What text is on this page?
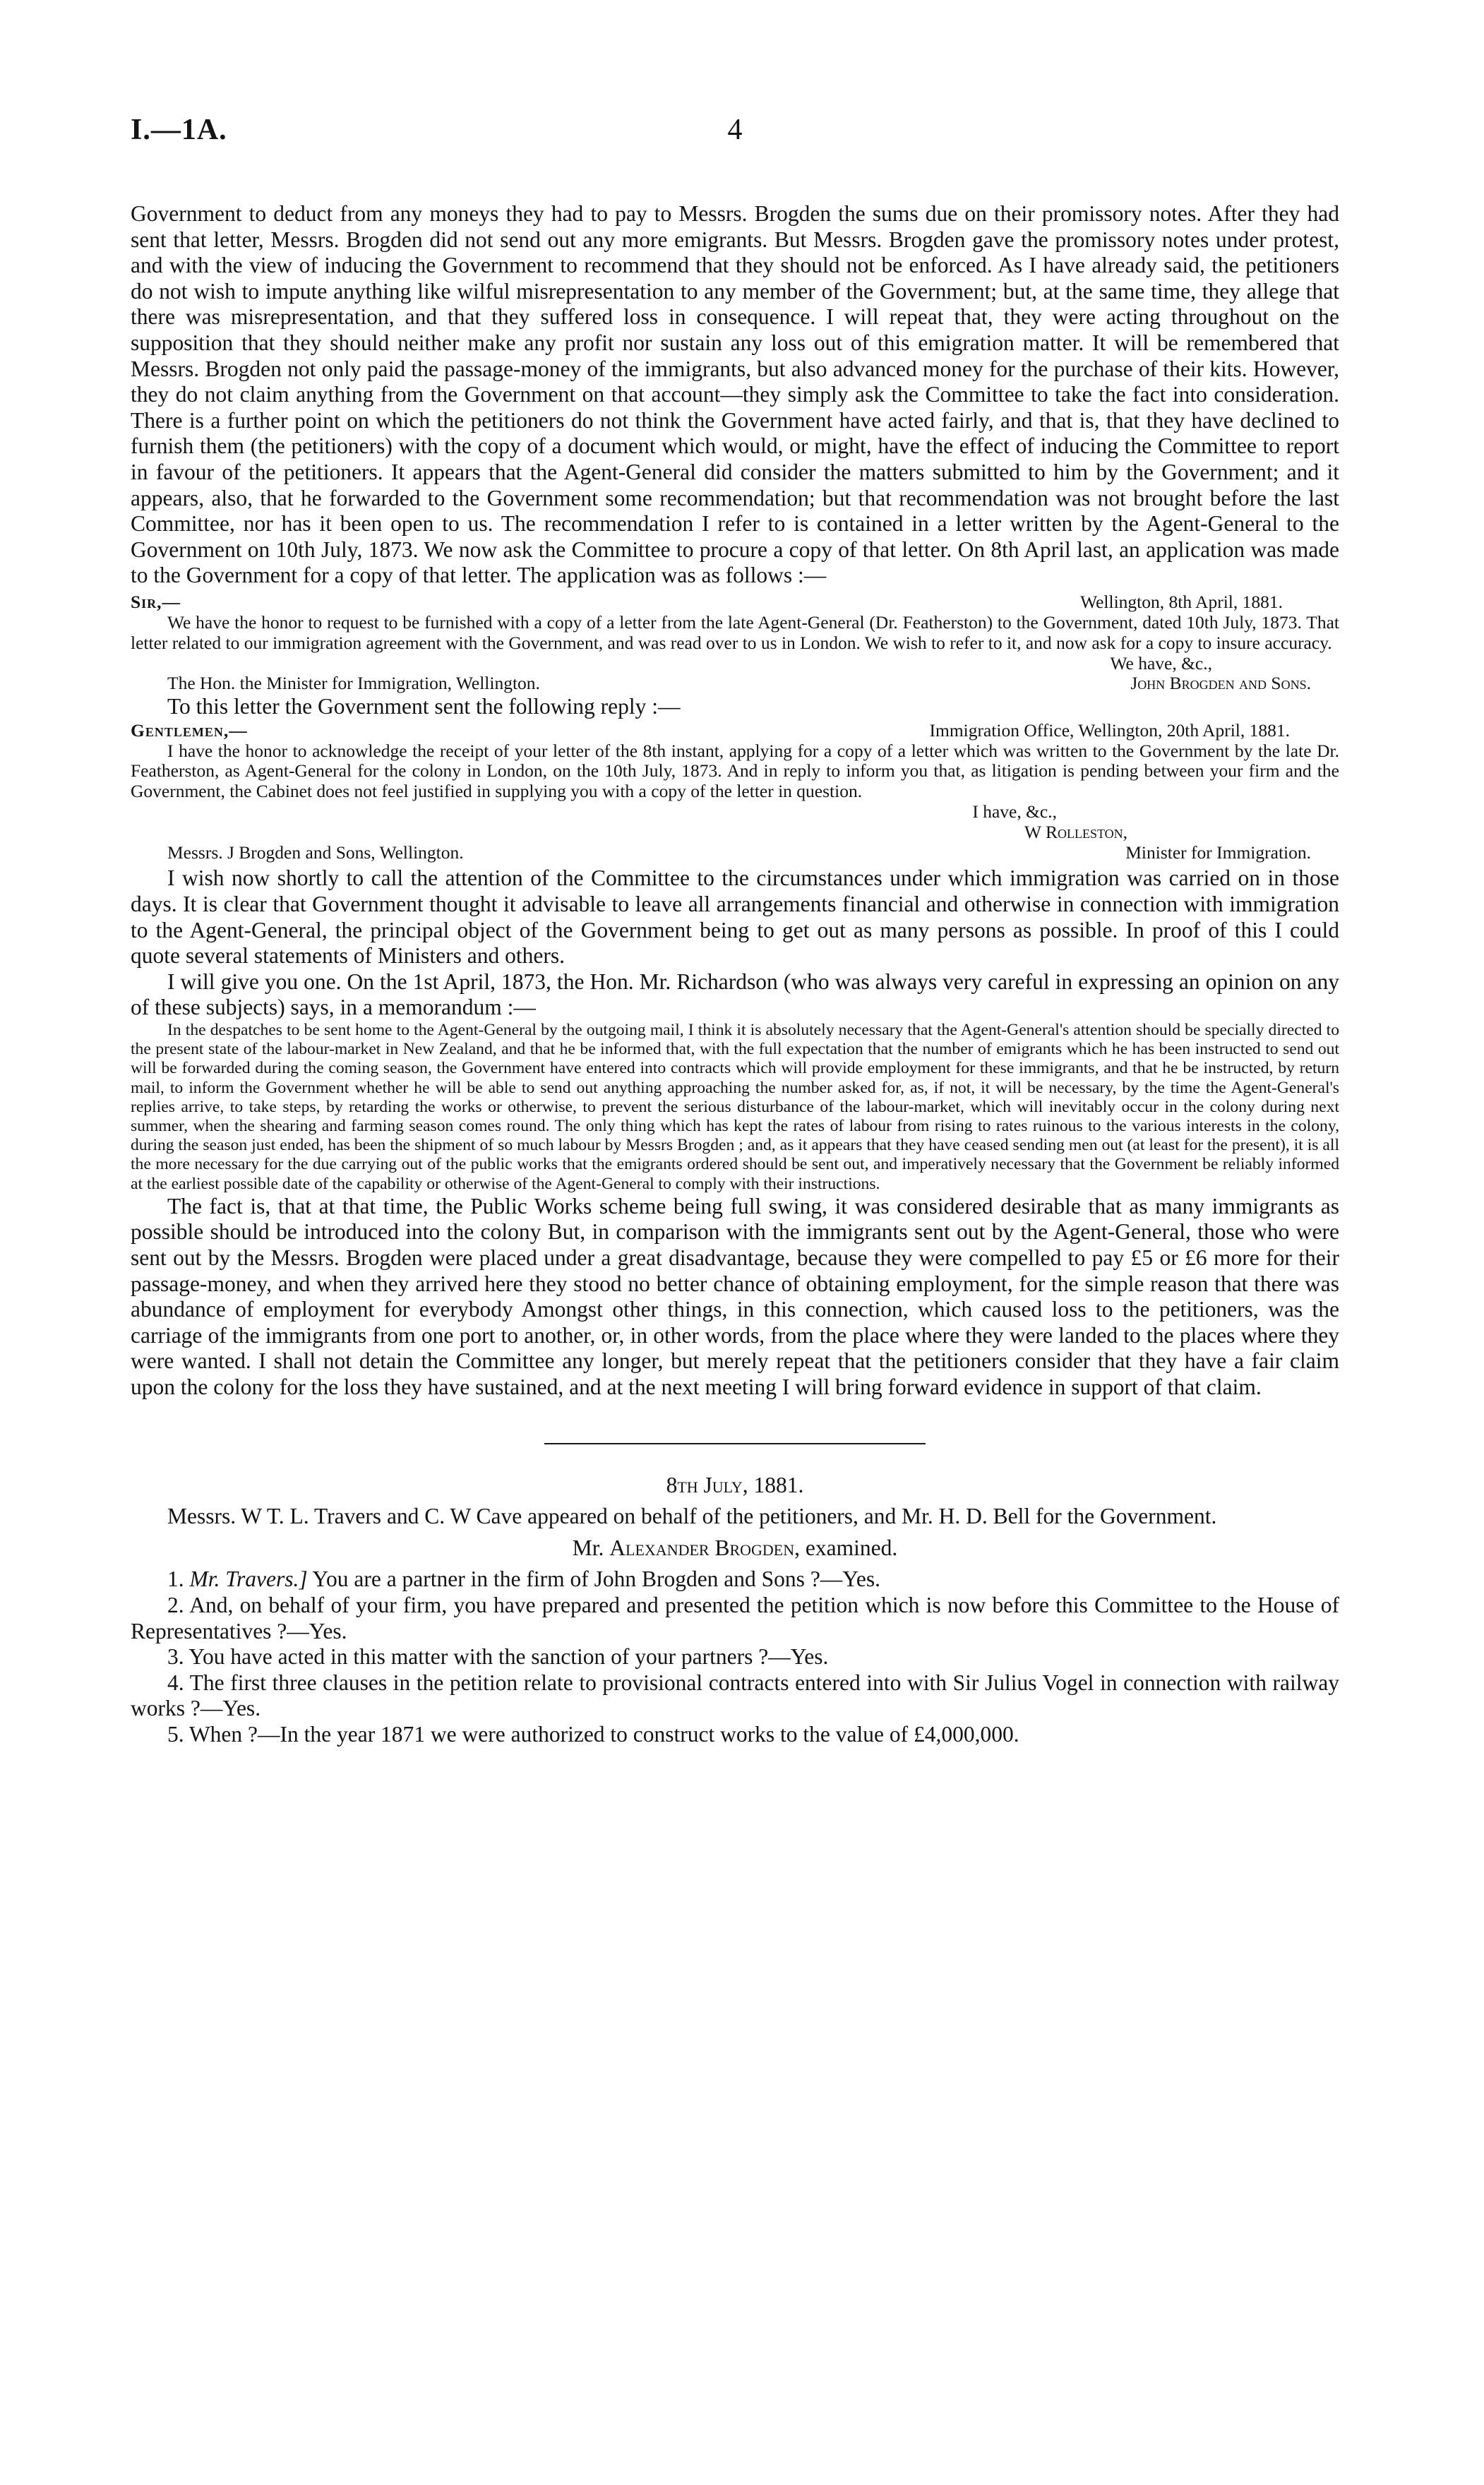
I.—1A.	4

Government to deduct from any moneys they had to pay to Messrs. Brogden the sums due on their promissory notes. After they had sent that letter, Messrs. Brogden did not send out any more emigrants. But Messrs. Brogden gave the promissory notes under protest, and with the view of inducing the Government to recommend that they should not be enforced. As I have already said, the petitioners do not wish to impute anything like wilful misrepresentation to any member of the Government; but, at the same time, they allege that there was misrepresentation, and that they suffered loss in consequence. I will repeat that, they were acting throughout on the supposition that they should neither make any profit nor sustain any loss out of this emigration matter. It will be remembered that Messrs. Brogden not only paid the passage-money of the immigrants, but also advanced money for the purchase of their kits. However, they do not claim anything from the Government on that account—they simply ask the Committee to take the fact into consideration. There is a further point on which the petitioners do not think the Government have acted fairly, and that is, that they have declined to furnish them (the petitioners) with the copy of a document which would, or might, have the effect of inducing the Committee to report in favour of the petitioners. It appears that the Agent-General did consider the matters submitted to him by the Government; and it appears, also, that he forwarded to the Government some recommendation; but that recommendation was not brought before the last Committee, nor has it been open to us. The recommendation I refer to is contained in a letter written by the Agent-General to the Government on 10th July, 1873. We now ask the Committee to procure a copy of that letter. On 8th April last, an application was made to the Government for a copy of that letter. The application was as follows :—

Sir,—	Wellington, 8th April, 1881.

We have the honor to request to be furnished with a copy of a letter from the late Agent-General (Dr. Featherston) to the Government, dated 10th July, 1873. That letter related to our immigration agreement with the Government, and was read over to us in London. We wish to refer to it, and now ask for a copy to insure accuracy.

We have, &c.,

The Hon. the Minister for Immigration, Wellington.	John Brogden and Sons.

To this letter the Government sent the following reply :—

Gentlemen,—	Immigration Office, Wellington, 20th April, 1881.

I have the honor to acknowledge the receipt of your letter of the 8th instant, applying for a copy of a letter which was written to the Government by the late Dr. Featherston, as Agent-General for the colony in London, on the 10th July, 1873. And in reply to inform you that, as litigation is pending between your firm and the Government, the Cabinet does not feel justified in supplying you with a copy of the letter in question.

I have, &c.,

W Rolleston,

Messrs. J Brogden and Sons, Wellington.	Minister for Immigration.

I wish now shortly to call the attention of the Committee to the circumstances under which immigration was carried on in those days. It is clear that Government thought it advisable to leave all arrangements financial and otherwise in connection with immigration to the Agent-General, the principal object of the Government being to get out as many persons as possible. In proof of this I could quote several statements of Ministers and others.

I will give you one. On the 1st April, 1873, the Hon. Mr. Richardson (who was always very careful in expressing an opinion on any of these subjects) says, in a memorandum :—

In the despatches to be sent home to the Agent-General by the outgoing mail, I think it is absolutely necessary that the Agent-General's attention should be specially directed to the present state of the labour-market in New Zealand, and that he be informed that, with the full expectation that the number of emigrants which he has been instructed to send out will be forwarded during the coming season, the Government have entered into contracts which will provide employment for these immigrants, and that he be instructed, by return mail, to inform the Government whether he will be able to send out anything approaching the number asked for, as, if not, it will be necessary, by the time the Agent-General's replies arrive, to take steps, by retarding the works or otherwise, to prevent the serious disturbance of the labour-market, which will inevitably occur in the colony during next summer, when the shearing and farming season comes round. The only thing which has kept the rates of labour from rising to rates ruinous to the various interests in the colony, during the season just ended, has been the shipment of so much labour by Messrs Brogden ; and, as it appears that they have ceased sending men out (at least for the present), it is all the more necessary for the due carrying out of the public works that the emigrants ordered should be sent out, and imperatively necessary that the Government be reliably informed at the earliest possible date of the capability or otherwise of the Agent-General to comply with their instructions.

The fact is, that at that time, the Public Works scheme being full swing, it was considered desirable that as many immigrants as possible should be introduced into the colony But, in comparison with the immigrants sent out by the Agent-General, those who were sent out by the Messrs. Brogden were placed under a great disadvantage, because they were compelled to pay £5 or £6 more for their passage-money, and when they arrived here they stood no better chance of obtaining employment, for the simple reason that there was abundance of employment for everybody Amongst other things, in this connection, which caused loss to the petitioners, was the carriage of the immigrants from one port to another, or, in other words, from the place where they were landed to the places where they were wanted. I shall not detain the Committee any longer, but merely repeat that the petitioners consider that they have a fair claim upon the colony for the loss they have sustained, and at the next meeting I will bring forward evidence in support of that claim.

8th July, 1881.

Messrs. W T. L. Travers and C. W Cave appeared on behalf of the petitioners, and Mr. H. D. Bell for the Government.

Mr. Alexander Brogden, examined.

1. Mr. Travers.] You are a partner in the firm of John Brogden and Sons ?—Yes.

2. And, on behalf of your firm, you have prepared and presented the petition which is now before this Committee to the House of Representatives ?—Yes.

3. You have acted in this matter with the sanction of your partners ?—Yes.

4. The first three clauses in the petition relate to provisional contracts entered into with Sir Julius Vogel in connection with railway works ?—Yes.

5. When ?—In the year 1871 we were authorized to construct works to the value of £4,000,000.
